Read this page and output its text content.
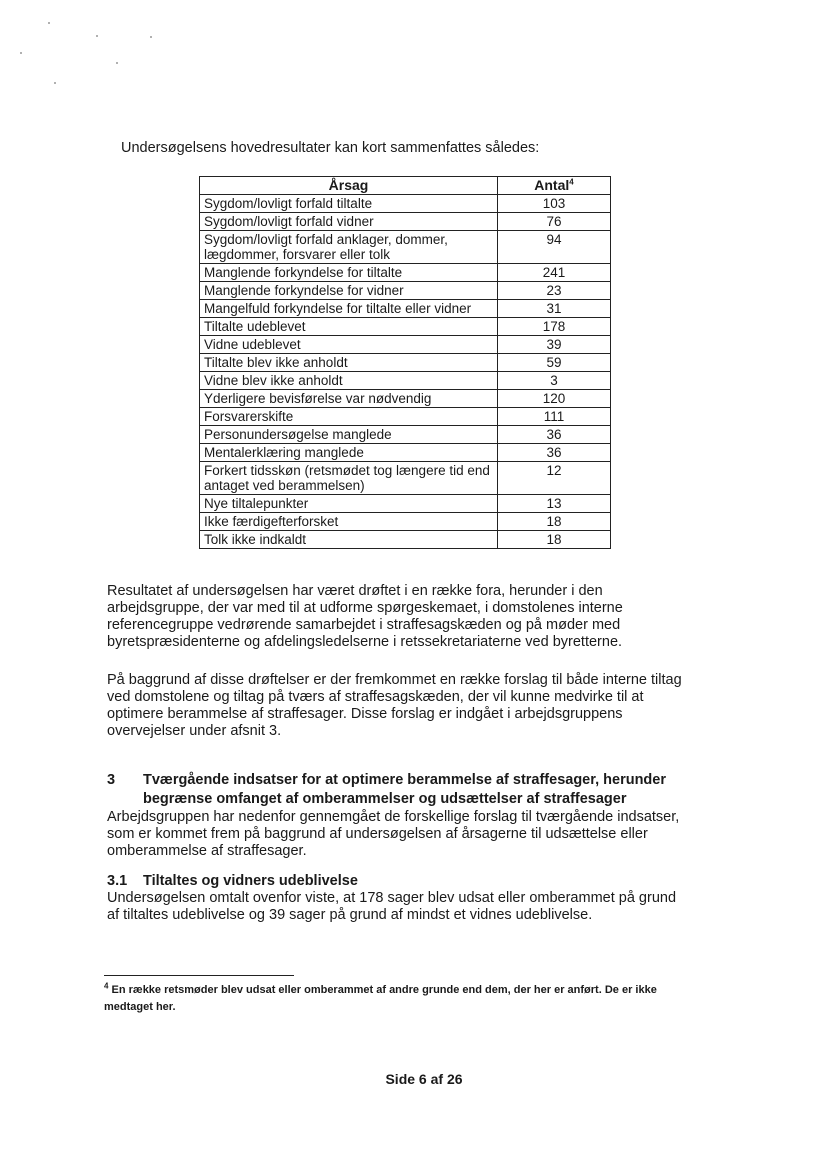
Undersøgelsens hovedresultater kan kort sammenfattes således:

Årsag	Antal$^4$
Sygdom/lovligt forfald tiltalte	103
Sygdom/lovligt forfald vidner	76
Sygdom/lovligt forfald anklager, dommer, lægdommer, forsvarer eller tolk	94
Manglende forkyndelse for tiltalte	241
Manglende forkyndelse for vidner	23
Mangelfuld forkyndelse for tiltalte eller vidner	31
Tiltalte udeblevet	178
Vidne udeblevet	39
Tiltalte blev ikke anholdt	59
Vidne blev ikke anholdt	3
Yderligere bevisførelse var nødvendig	120
Forsvarerskifte	111
Personundersøgelse manglede	36
Mentalerklæring manglede	36
Forkert tidsskøn (retsmødet tog længere tid end antaget ved berammelsen)	12
Nye tiltalepunkter	13
Ikke færdigefterforsket	18
Tolk ikke indkaldt	18

Resultatet af undersøgelsen har været drøftet i en række fora, herunder i den arbejdsgruppe, der var med til at udforme spørgeskemaet, i domstolenes interne referencegruppe vedrørende samarbejdet i straffesagskæden og på møder med byretspræsidenterne og afdelingsledelserne i retssekretariaterne ved byretterne.

På baggrund af disse drøftelser er der fremkommet en række forslag til både interne tiltag ved domstolene og tiltag på tværs af straffesagskæden, der vil kunne medvirke til at optimere berammelse af straffesager. Disse forslag er indgået i arbejdsgruppens overvejelser under afsnit 3.

3 Tværgående indsatser for at optimere berammelse af straffesager, herunder

begrænse omfanget af omberammelser og udsættelser af straffesager

Arbejdsgruppen har nedenfor gennemgået de forskellige forslag til tværgående indsatser, som er kommet frem på baggrund af undersøgelsen af årsagerne til udsættelse eller omberammelse af straffesager.

3.1 Tiltaltes og vidners udeblivelse

Undersøgelsen omtalt ovenfor viste, at 178 sager blev udsat eller omberammet på grund af tiltaltes udeblivelse og 39 sager på grund af mindst et vidnes udeblivelse.

$^4$ En række retsmøder blev udsat eller omberammet af andre grunde end dem, der her er anført. De er ikke medtaget her.

Side 6 af 26
